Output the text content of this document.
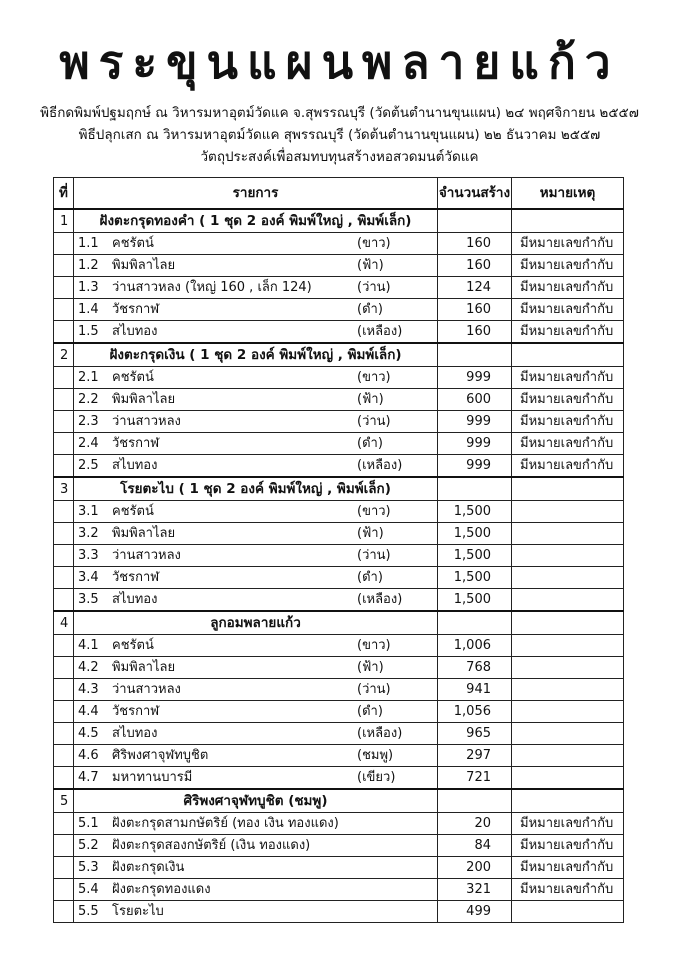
พระขุนแผนพลายแก้ว
พิธีกดพิมพ์ปฐมฤกษ์ ณ วิหารมหาอุตม์วัดแค จ.สุพรรณบุรี (วัดต้นตำนานขุนแผน) ๒๔ พฤศจิกายน ๒๕๕๗
พิธีปลุกเสก ณ วิหารมหาอุตม์วัดแค สุพรรณบุรี (วัดต้นตำนานขุนแผน) ๒๒ ธันวาคม ๒๕๕๗
วัตถุประสงค์เพื่อสมทบทุนสร้างหอสวดมนต์วัดแค
ที่	รายการ	จำนวนสร้าง	หมายเหตุ
1	ฝังตะกรุดทองคำ ( 1 ชุด 2 องค์ พิมพ์ใหญ่ , พิมพ์เล็ก)		

	1.1 คชรัตน์ (ขาว)	160	มีหมายเลขกำกับ

	1.2 พิมพิลาไลย (ฟ้า)	160	มีหมายเลขกำกับ

	1.3 ว่านสาวหลง (ใหญ่ 160 , เล็ก 124) (ว่าน)	124	มีหมายเลขกำกับ

	1.4 วัชรกาฬ (ดำ)	160	มีหมายเลขกำกับ

	1.5 สไบทอง (เหลือง)	160	มีหมายเลขกำกับ
2	ฝังตะกรุดเงิน ( 1 ชุด 2 องค์ พิมพ์ใหญ่ , พิมพ์เล็ก)		

	2.1 คชรัตน์ (ขาว)	999	มีหมายเลขกำกับ

	2.2 พิมพิลาไลย (ฟ้า)	600	มีหมายเลขกำกับ

	2.3 ว่านสาวหลง (ว่าน)	999	มีหมายเลขกำกับ

	2.4 วัชรกาฬ (ดำ)	999	มีหมายเลขกำกับ

	2.5 สไบทอง (เหลือง)	999	มีหมายเลขกำกับ
3	โรยตะไบ ( 1 ชุด 2 องค์ พิมพ์ใหญ่ , พิมพ์เล็ก)		

	3.1 คชรัตน์ (ขาว)	1,500	

	3.2 พิมพิลาไลย (ฟ้า)	1,500	

	3.3 ว่านสาวหลง (ว่าน)	1,500	

	3.4 วัชรกาฬ (ดำ)	1,500	

	3.5 สไบทอง (เหลือง)	1,500	
4	ลูกอมพลายแก้ว		

	4.1 คชรัตน์ (ขาว)	1,006	

	4.2 พิมพิลาไลย (ฟ้า)	768	

	4.3 ว่านสาวหลง (ว่าน)	941	

	4.4 วัชรกาฬ (ดำ)	1,056	

	4.5 สไบทอง (เหลือง)	965	

	4.6 ศิริพงศาจุฬทบูชิต (ชมพู)	297	

	4.7 มหาทานบารมี (เขียว)	721	
5	ศิริพงศาจุฬทบูชิต (ชมพู)		

	5.1 ฝังตะกรุดสามกษัตริย์ (ทอง เงิน ทองแดง)	20	มีหมายเลขกำกับ

	5.2 ฝังตะกรุดสองกษัตริย์ (เงิน ทองแดง)	84	มีหมายเลขกำกับ

	5.3 ฝังตะกรุดเงิน	200	มีหมายเลขกำกับ

	5.4 ฝังตะกรุดทองแดง	321	มีหมายเลขกำกับ

	5.5 โรยตะไบ	499	
